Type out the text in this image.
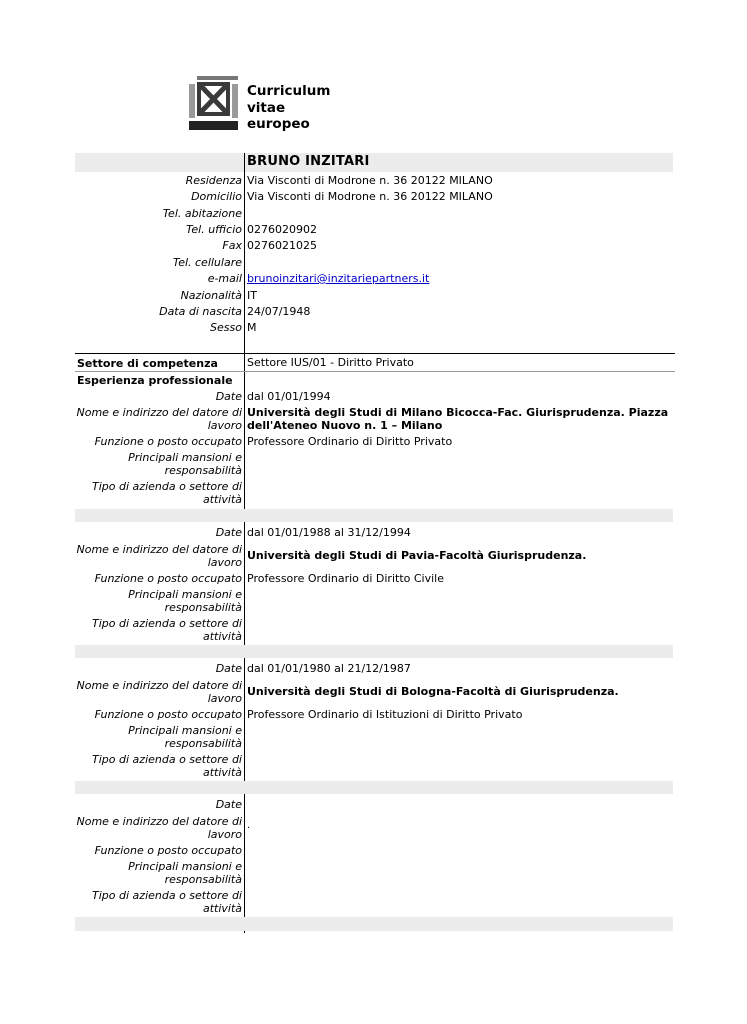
Curriculum
vitae
europeo
BRUNO INZITARI
Residenza Via Visconti di Modrone n. 36 20122 MILANO
Domicilio Via Visconti di Modrone n. 36 20122 MILANO
Tel. abitazione
Tel. ufficio 0276020902
Fax 0276021025
Tel. cellulare
e-mail brunoinzitari@inzitariepartners.it
Nazionalità IT
Data di nascita 24/07/1948
Sesso M
Settore di competenza	Settore IUS/01 - Diritto Privato
Esperienza professionale
Date dal 01/01/1994
Nome e indirizzo del datore di lavoro
Università degli Studi di Milano Bicocca-Fac. Giurisprudenza. Piazza
dell'Ateneo Nuovo n. 1 – Milano
Funzione o posto occupato Professore Ordinario di Diritto Privato
Principali mansioni e responsabilità
Tipo di azienda o settore di attività
Date dal 01/01/1988 al 31/12/1994
Nome e indirizzo del datore di lavoro Università degli Studi di Pavia-Facoltà Giurisprudenza.
Funzione o posto occupato Professore Ordinario di Diritto Civile
Principali mansioni e responsabilità
Tipo di azienda o settore di attività
Date dal 01/01/1980 al 21/12/1987
Nome e indirizzo del datore di lavoro Università degli Studi di Bologna-Facoltà di Giurisprudenza.
Funzione o posto occupato Professore Ordinario di Istituzioni di Diritto Privato
Principali mansioni e responsabilità
Tipo di azienda o settore di attività
Date
Nome e indirizzo del datore di lavoro ·
Funzione o posto occupato
Principali mansioni e responsabilità
Tipo di azienda o settore di attività
